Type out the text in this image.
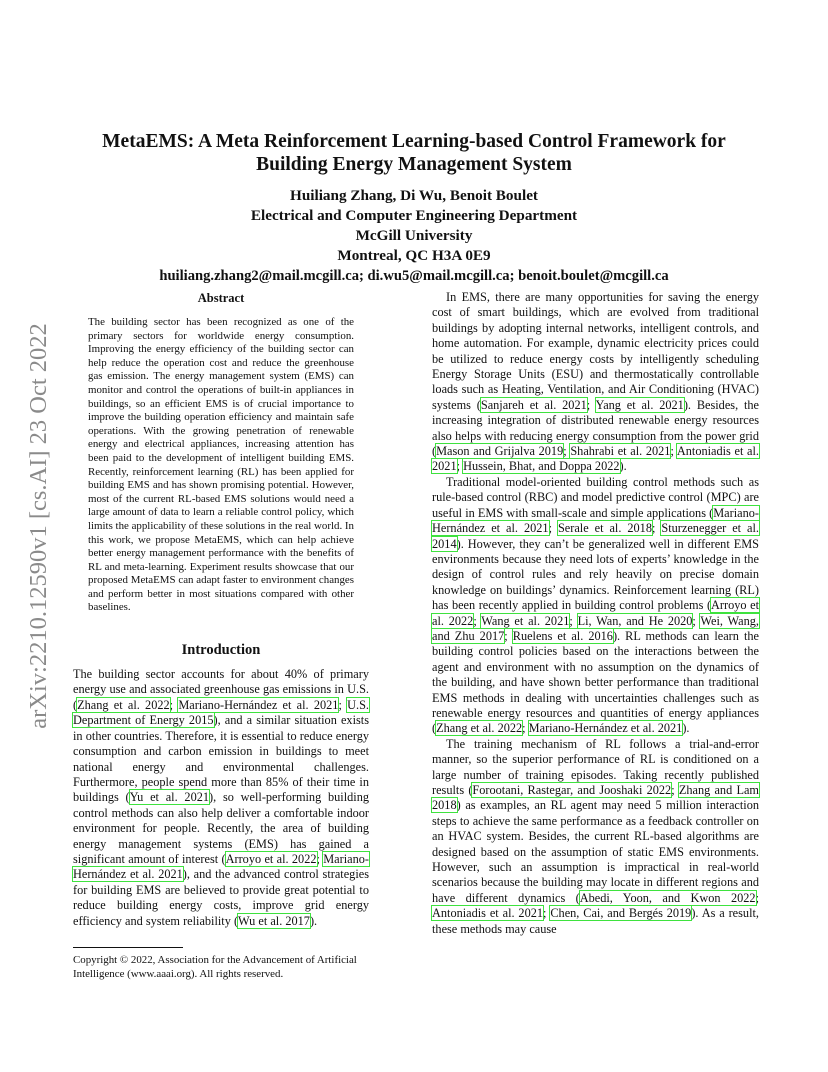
arXiv:2210.12590v1 [cs.AI] 23 Oct 2022

MetaEMS: A Meta Reinforcement Learning-based Control Framework for

Building Energy Management System

Huiliang Zhang, Di Wu, Benoit Boulet

Electrical and Computer Engineering Department

McGill University

Montreal, QC H3A 0E9

huiliang.zhang2@mail.mcgill.ca; di.wu5@mail.mcgill.ca; benoit.boulet@mcgill.ca

Abstract

The building sector has been recognized as one of the primary sectors for worldwide energy consumption. Improving the energy efficiency of the building sector can help reduce the operation cost and reduce the greenhouse gas emission. The energy management system (EMS) can monitor and control the operations of built-in appliances in buildings, so an efficient EMS is of crucial importance to improve the building operation efficiency and maintain safe operations. With the growing penetration of renewable energy and electrical appliances, increasing attention has been paid to the development of intelligent building EMS. Recently, reinforcement learning (RL) has been applied for building EMS and has shown promising potential. However, most of the current RL-based EMS solutions would need a large amount of data to learn a reliable control policy, which limits the applicability of these solutions in the real world. In this work, we propose MetaEMS, which can help achieve better energy management performance with the benefits of RL and meta-learning. Experiment results showcase that our proposed MetaEMS can adapt faster to environment changes and perform better in most situations compared with other baselines.

Introduction

The building sector accounts for about 40% of primary energy use and associated greenhouse gas emissions in U.S. (Zhang et al. 2022; Mariano-Hernández et al. 2021; U.S. Department of Energy 2015), and a similar situation exists in other countries. Therefore, it is essential to reduce energy consumption and carbon emission in buildings to meet national energy and environmental challenges. Furthermore, people spend more than 85% of their time in buildings (Yu et al. 2021), so well-performing building control methods can also help deliver a comfortable indoor environment for people. Recently, the area of building energy management systems (EMS) has gained a significant amount of interest (Arroyo et al. 2022; Mariano-Hernández et al. 2021), and the advanced control strategies for building EMS are believed to provide great potential to reduce building energy costs, improve grid energy efficiency and system reliability (Wu et al. 2017).

Copyright © 2022, Association for the Advancement of Artificial Intelligence (www.aaai.org). All rights reserved.

In EMS, there are many opportunities for saving the energy cost of smart buildings, which are evolved from traditional buildings by adopting internal networks, intelligent controls, and home automation. For example, dynamic electricity prices could be utilized to reduce energy costs by intelligently scheduling Energy Storage Units (ESU) and thermostatically controllable loads such as Heating, Ventilation, and Air Conditioning (HVAC) systems (Sanjareh et al. 2021; Yang et al. 2021). Besides, the increasing integration of distributed renewable energy resources also helps with reducing energy consumption from the power grid (Mason and Grijalva 2019; Shahrabi et al. 2021; Antoniadis et al. 2021; Hussein, Bhat, and Doppa 2022).

Traditional model-oriented building control methods such as rule-based control (RBC) and model predictive control (MPC) are useful in EMS with small-scale and simple applications (Mariano-Hernández et al. 2021; Serale et al. 2018; Sturzenegger et al. 2014). However, they can’t be generalized well in different EMS environments because they need lots of experts’ knowledge in the design of control rules and rely heavily on precise domain knowledge on buildings’ dynamics. Reinforcement learning (RL) has been recently applied in building control problems (Arroyo et al. 2022; Wang et al. 2021; Li, Wan, and He 2020; Wei, Wang, and Zhu 2017; Ruelens et al. 2016). RL methods can learn the building control policies based on the interactions between the agent and environment with no assumption on the dynamics of the building, and have shown better performance than traditional EMS methods in dealing with uncertainties challenges such as renewable energy resources and quantities of energy appliances (Zhang et al. 2022; Mariano-Hernández et al. 2021).

The training mechanism of RL follows a trial-and-error manner, so the superior performance of RL is conditioned on a large number of training episodes. Taking recently published results (Forootani, Rastegar, and Jooshaki 2022; Zhang and Lam 2018) as examples, an RL agent may need 5 million interaction steps to achieve the same performance as a feedback controller on an HVAC system. Besides, the current RL-based algorithms are designed based on the assumption of static EMS environments. However, such an assumption is impractical in real-world scenarios because the building may locate in different regions and have different dynamics (Abedi, Yoon, and Kwon 2022; Antoniadis et al. 2021; Chen, Cai, and Bergés 2019). As a result, these methods may cause
